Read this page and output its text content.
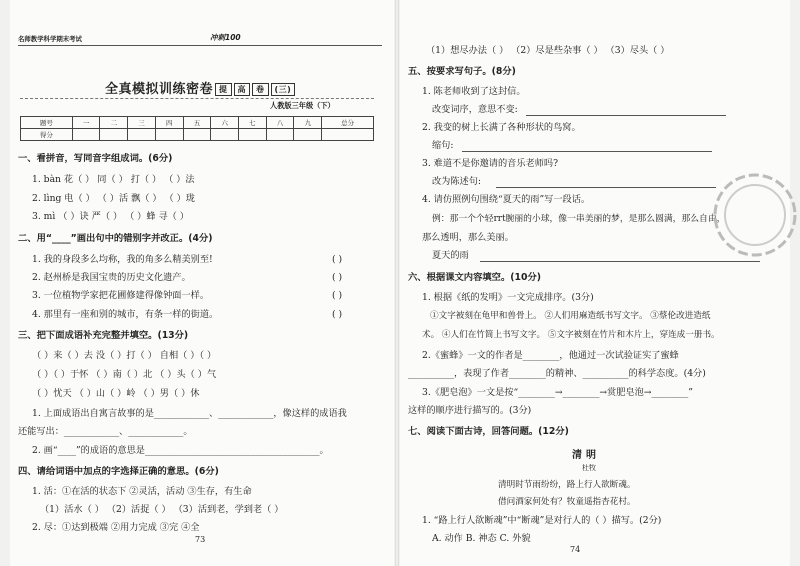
名师教学科学期末考试
全真模拟训练密卷 提 高 卷 (三)
人教版三年级（下）
题号	一	二	三	四	五	六	七	八	九	总分
得分										
一、看拼音，写同音字组成词。(6分)
1. bàn 花（ ） 同（ ） 打（ ） （ ）法
2. lìng 电（ ） （ ）活 飘（ ） （ ）珑
3. mì （ ）诀 严（ ） （ ）蜂 寻（ ）
二、用“____”画出句中的错别字并改正。(4分)
1. 我的身段多么均称，我的角多么精美别至!	( )
2. 赵州桥是我国宝贵的历史文化遗产。	( )
3. 一位植物学家把花圃修建得像钟面一样。	( )
4. 那里有一座和别的城市，有条一样的街道。	( )
三、把下面成语补充完整并填空。(13分)
（ ）来（ ）去 没（ ）打（ ） 自相（ ）（ ）
（ ）（ ）于怀 （ ）南（ ）北 （ ）头（ ）气
（ ）忧天 （ ）山（ ）岭 （ ）男（ ）休
1. 上面成语出自寓言故事的是____________、____________，像这样的成语我
还能写出：____________、____________。
2. 画“____”的成语的意思是______________________________________。
四、请给词语中加点的字选择正确的意思。(6分)
1. 活：①在活的状态下 ②灵活，活动 ③生存，有生命
（1）活水（ ） （2）活捉（ ） （3）活到老，学到老（ ）
2. 尽：①达到极端 ②用力完成 ③完 ④全
73
冲刺100
（1）想尽办法（ ） （2）尽是些杂事（ ） （3）尽头（ ）
五、按要求写句子。(8分)
1. 陈老师收到了这封信。
改变词序，意思不变:
2. 我变的树上长满了各种形状的鸟窝。
缩句:
3. 难道不是你邀请的音乐老师吗?
改为陈述句:
4. 请仿照例句围绕“夏天的雨”写一段话。
例：那一个个轻rrt腕丽的小球，像一串美丽的梦，是那么圆满，那么自由，
那么透明，那么美丽。
夏天的雨
六、根据课文内容填空。(10分)
1. 根据《纸的发明》一文完成排序。(3分)
①文字被刻在龟甲和兽骨上。 ②人们用麻造纸书写文字。 ③蔡伦改进造纸
术。 ④人们在竹简上书写文字。 ⑤文字被刻在竹片和木片上，穿连成一册书。
2.《蜜蜂》一文的作者是________，他通过一次试验证实了蜜蜂
__________，表现了作者________的精神、__________的科学态度。(4分)
3.《肥皂泡》一文是按“________→________→赏肥皂泡→________”
这样的顺序进行描写的。(3分)
七、阅读下面古诗，回答问题。(12分)
清明
杜牧
清明时节雨纷纷，路上行人欲断魂。
借问酒家何处有？牧童遥指杏花村。
1. “路上行人欲断魂”中“断魂”是对行人的（ ）描写。(2分)
A. 动作 B. 神态 C. 外貌
74
